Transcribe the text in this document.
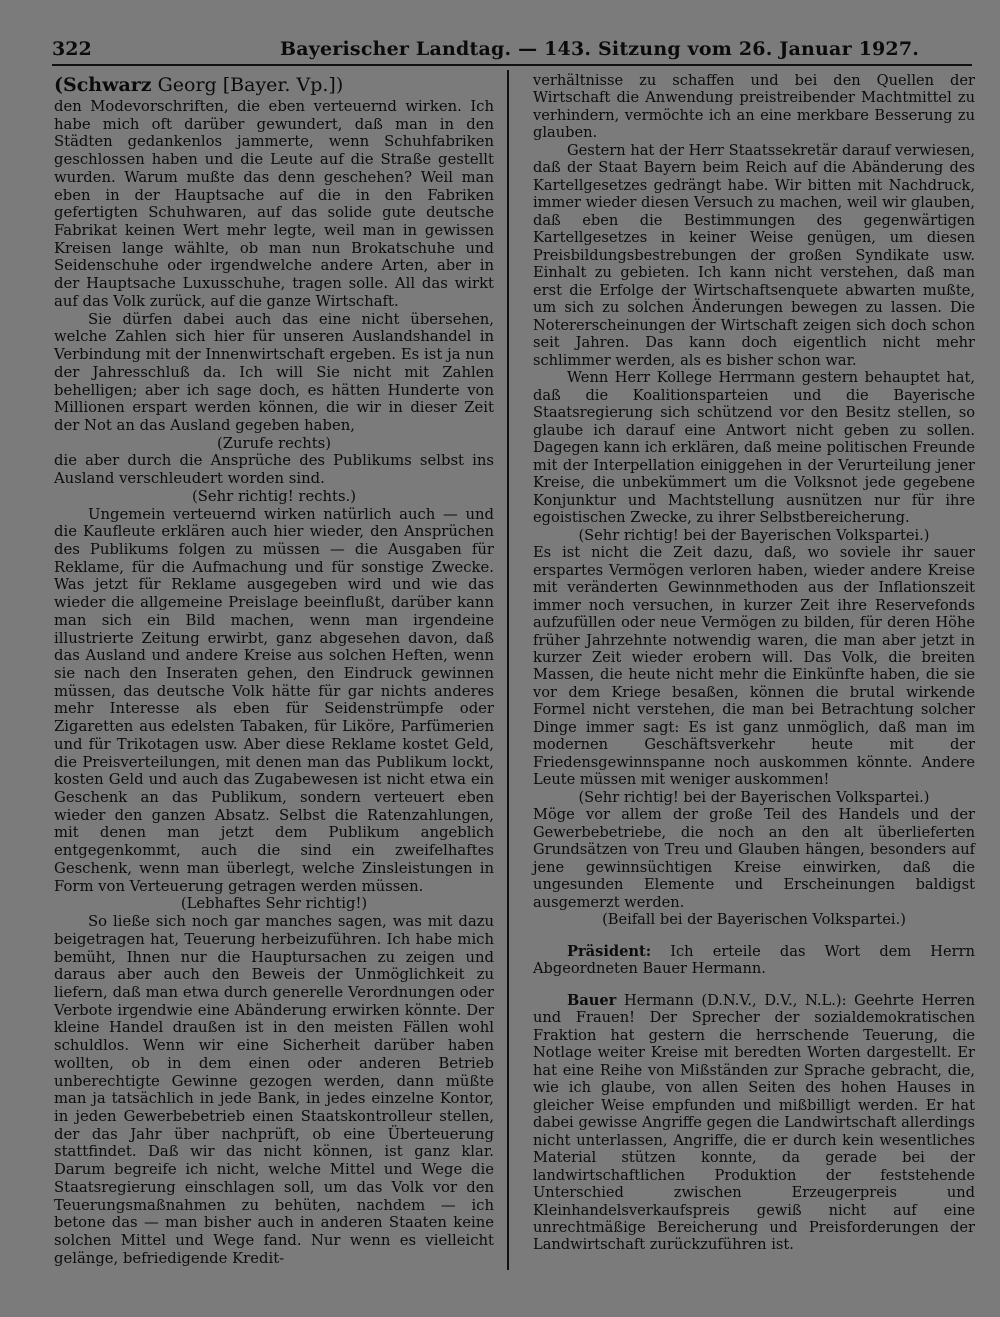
322	Bayerischer Landtag. — 143. Sitzung vom 26. Januar 1927.

(Schwarz Georg [Bayer. Vp.])

den Modevorschriften, die eben verteuernd wirken. Ich habe mich oft darüber gewundert, daß man in den Städten gedankenlos jammerte, wenn Schuhfabriken geschlossen haben und die Leute auf die Straße gestellt wurden. Warum mußte das denn geschehen? Weil man eben in der Hauptsache auf die in den Fabriken gefertigten Schuhwaren, auf das solide gute deutsche Fabrikat keinen Wert mehr legte, weil man in gewissen Kreisen lange wählte, ob man nun Brokatschuhe und Seidenschuhe oder irgendwelche andere Arten, aber in der Hauptsache Luxusschuhe, tragen solle. All das wirkt auf das Volk zurück, auf die ganze Wirtschaft.

Sie dürfen dabei auch das eine nicht übersehen, welche Zahlen sich hier für unseren Auslandshandel in Verbindung mit der Innenwirtschaft ergeben. Es ist ja nun der Jahresschluß da. Ich will Sie nicht mit Zahlen behelligen; aber ich sage doch, es hätten Hunderte von Millionen erspart werden können, die wir in dieser Zeit der Not an das Ausland gegeben haben,

(Zurufe rechts)

die aber durch die Ansprüche des Publikums selbst ins Ausland verschleudert worden sind.

(Sehr richtig! rechts.)

Ungemein verteuernd wirken natürlich auch — und die Kaufleute erklären auch hier wieder, den Ansprüchen des Publikums folgen zu müssen — die Ausgaben für Reklame, für die Aufmachung und für sonstige Zwecke. Was jetzt für Reklame ausgegeben wird und wie das wieder die allgemeine Preislage beeinflußt, darüber kann man sich ein Bild machen, wenn man irgendeine illustrierte Zeitung erwirbt, ganz abgesehen davon, daß das Ausland und andere Kreise aus solchen Heften, wenn sie nach den Inseraten gehen, den Eindruck gewinnen müssen, das deutsche Volk hätte für gar nichts anderes mehr Interesse als eben für Seidenstrümpfe oder Zigaretten aus edelsten Tabaken, für Liköre, Parfümerien und für Trikotagen usw. Aber diese Reklame kostet Geld, die Preisverteilungen, mit denen man das Publikum lockt, kosten Geld und auch das Zugabewesen ist nicht etwa ein Geschenk an das Publikum, sondern verteuert eben wieder den ganzen Absatz. Selbst die Ratenzahlungen, mit denen man jetzt dem Publikum angeblich entgegenkommt, auch die sind ein zweifelhaftes Geschenk, wenn man überlegt, welche Zinsleistungen in Form von Verteuerung getragen werden müssen.

(Lebhaftes Sehr richtig!)

So ließe sich noch gar manches sagen, was mit dazu beigetragen hat, Teuerung herbeizuführen. Ich habe mich bemüht, Ihnen nur die Hauptursachen zu zeigen und daraus aber auch den Beweis der Unmöglichkeit zu liefern, daß man etwa durch generelle Verordnungen oder Verbote irgendwie eine Abänderung erwirken könnte. Der kleine Handel draußen ist in den meisten Fällen wohl schuldlos. Wenn wir eine Sicherheit darüber haben wollten, ob in dem einen oder anderen Betrieb unberechtigte Gewinne gezogen werden, dann müßte man ja tatsächlich in jede Bank, in jedes einzelne Kontor, in jeden Gewerbebetrieb einen Staatskontrolleur stellen, der das Jahr über nachprüft, ob eine Überteuerung stattfindet. Daß wir das nicht können, ist ganz klar. Darum begreife ich nicht, welche Mittel und Wege die Staatsregierung einschlagen soll, um das Volk vor den Teuerungsmaßnahmen zu behüten, nachdem — ich betone das — man bisher auch in anderen Staaten keine solchen Mittel und Wege fand. Nur wenn es vielleicht gelänge, befriedigende Kredit-

verhältnisse zu schaffen und bei den Quellen der Wirtschaft die Anwendung preistreibender Machtmittel zu verhindern, vermöchte ich an eine merkbare Besserung zu glauben.

Gestern hat der Herr Staatssekretär darauf verwiesen, daß der Staat Bayern beim Reich auf die Abänderung des Kartellgesetzes gedrängt habe. Wir bitten mit Nachdruck, immer wieder diesen Versuch zu machen, weil wir glauben, daß eben die Bestimmungen des gegenwärtigen Kartellgesetzes in keiner Weise genügen, um diesen Preisbildungsbestrebungen der großen Syndikate usw. Einhalt zu gebieten. Ich kann nicht verstehen, daß man erst die Erfolge der Wirtschaftsenquete abwarten mußte, um sich zu solchen Änderungen bewegen zu lassen. Die Notererscheinungen der Wirtschaft zeigen sich doch schon seit Jahren. Das kann doch eigentlich nicht mehr schlimmer werden, als es bisher schon war.

Wenn Herr Kollege Herrmann gestern behauptet hat, daß die Koalitionsparteien und die Bayerische Staatsregierung sich schützend vor den Besitz stellen, so glaube ich darauf eine Antwort nicht geben zu sollen. Dagegen kann ich erklären, daß meine politischen Freunde mit der Interpellation einiggehen in der Verurteilung jener Kreise, die unbekümmert um die Volksnot jede gegebene Konjunktur und Machtstellung ausnützen nur für ihre egoistischen Zwecke, zu ihrer Selbstbereicherung.

(Sehr richtig! bei der Bayerischen Volkspartei.)

Es ist nicht die Zeit dazu, daß, wo soviele ihr sauer erspartes Vermögen verloren haben, wieder andere Kreise mit veränderten Gewinnmethoden aus der Inflationszeit immer noch versuchen, in kurzer Zeit ihre Reservefonds aufzufüllen oder neue Vermögen zu bilden, für deren Höhe früher Jahrzehnte notwendig waren, die man aber jetzt in kurzer Zeit wieder erobern will. Das Volk, die breiten Massen, die heute nicht mehr die Einkünfte haben, die sie vor dem Kriege besaßen, können die brutal wirkende Formel nicht verstehen, die man bei Betrachtung solcher Dinge immer sagt: Es ist ganz unmöglich, daß man im modernen Geschäftsverkehr heute mit der Friedensgewinnspanne noch auskommen könnte. Andere Leute müssen mit weniger auskommen!

(Sehr richtig! bei der Bayerischen Volkspartei.)

Möge vor allem der große Teil des Handels und der Gewerbebetriebe, die noch an den alt überlieferten Grundsätzen von Treu und Glauben hängen, besonders auf jene gewinnsüchtigen Kreise einwirken, daß die ungesunden Elemente und Erscheinungen baldigst ausgemerzt werden.

(Beifall bei der Bayerischen Volkspartei.)

Präsident: Ich erteile das Wort dem Herrn Abgeordneten Bauer Hermann.

Bauer Hermann (D.N.V., D.V., N.L.): Geehrte Herren und Frauen! Der Sprecher der sozialdemokratischen Fraktion hat gestern die herrschende Teuerung, die Notlage weiter Kreise mit beredten Worten dargestellt. Er hat eine Reihe von Mißständen zur Sprache gebracht, die, wie ich glaube, von allen Seiten des hohen Hauses in gleicher Weise empfunden und mißbilligt werden. Er hat dabei gewisse Angriffe gegen die Landwirtschaft allerdings nicht unterlassen, Angriffe, die er durch kein wesentliches Material stützen konnte, da gerade bei der landwirtschaftlichen Produktion der feststehende Unterschied zwischen Erzeugerpreis und Kleinhandelsverkaufspreis gewiß nicht auf eine unrechtmäßige Bereicherung und Preisforderungen der Landwirtschaft zurückzuführen ist.
